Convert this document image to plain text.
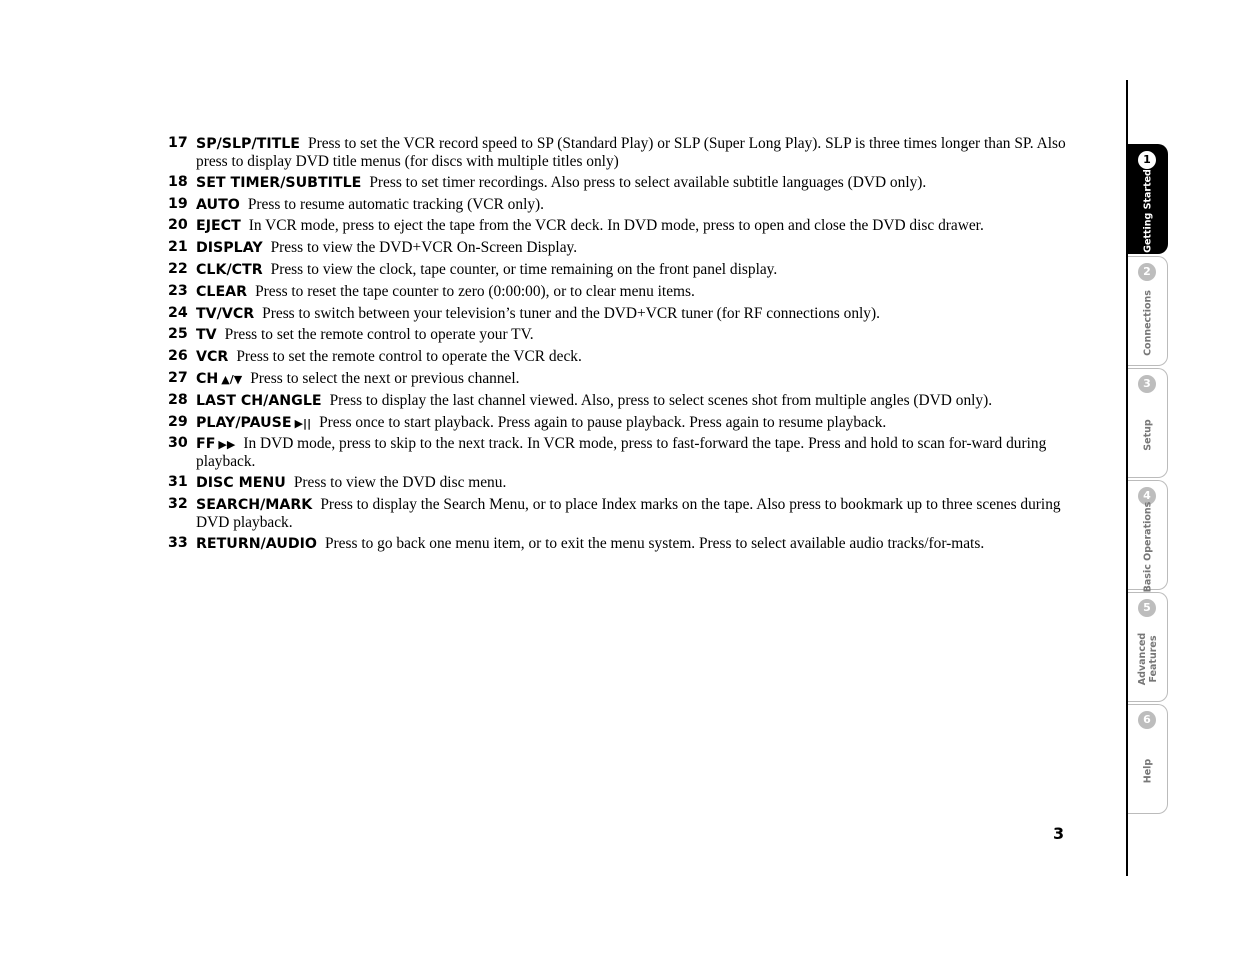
17 SP/SLP/TITLE Press to set the VCR record speed to SP (Standard Play) or SLP (Super Long Play). SLP is three times longer than SP. Also press to display DVD title menus (for discs with multiple titles only)
18 SET TIMER/SUBTITLE Press to set timer recordings. Also press to select available subtitle languages (DVD only).
19 AUTO Press to resume automatic tracking (VCR only).
20 EJECT In VCR mode, press to eject the tape from the VCR deck. In DVD mode, press to open and close the DVD disc drawer.
21 DISPLAY Press to view the DVD+VCR On-Screen Display.
22 CLK/CTR Press to view the clock, tape counter, or time remaining on the front panel display.
23 CLEAR Press to reset the tape counter to zero (0:00:00), or to clear menu items.
24 TV/VCR Press to switch between your television’s tuner and the DVD+VCR tuner (for RF connections only).
25 TV Press to set the remote control to operate your TV.
26 VCR Press to set the remote control to operate the VCR deck.
27 CH ▲/▼ Press to select the next or previous channel.
28 LAST CH/ANGLE Press to display the last channel viewed. Also, press to select scenes shot from multiple angles (DVD only).
29 PLAY/PAUSE ▶|| Press once to start playback. Press again to pause playback. Press again to resume playback.
30 FF ▶▶ In DVD mode, press to skip to the next track. In VCR mode, press to fast-forward the tape. Press and hold to scan for-ward during playback.
31 DISC MENU Press to view the DVD disc menu.
32 SEARCH/MARK Press to display the Search Menu, or to place Index marks on the tape. Also press to bookmark up to three scenes during DVD playback.
33 RETURN/AUDIO Press to go back one menu item, or to exit the menu system. Press to select available audio tracks/for-mats.
3
1
Getting Started
2
Connections
3
Setup
4
Basic Operations
5
Advanced Features
6
Help
